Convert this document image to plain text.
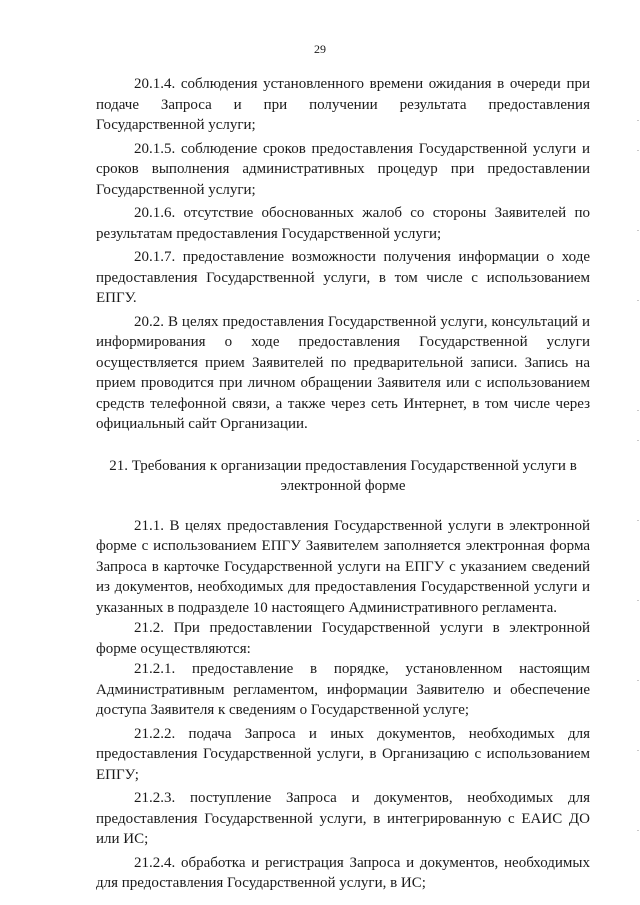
29

20.1.4. соблюдения установленного времени ожидания в очереди при подаче Запроса и при получении результата предоставления Государственной услуги;

20.1.5. соблюдение сроков предоставления Государственной услуги и сроков выполнения административных процедур при предоставлении Государственной услуги;

20.1.6. отсутствие обоснованных жалоб со стороны Заявителей по результатам предоставления Государственной услуги;

20.1.7. предоставление возможности получения информации о ходе предоставления Государственной услуги, в том числе с использованием ЕПГУ.

20.2. В целях предоставления Государственной услуги, консультаций и информирования о ходе предоставления Государственной услуги осуществляется прием Заявителей по предварительной записи. Запись на прием проводится при личном обращении Заявителя или с использованием средств телефонной связи, а также через сеть Интернет, в том числе через официальный сайт Организации.

21. Требования к организации предоставления Государственной услуги в электронной форме

21.1. В целях предоставления Государственной услуги в электронной форме с использованием ЕПГУ Заявителем заполняется электронная форма Запроса в карточке Государственной услуги на ЕПГУ с указанием сведений из документов, необходимых для предоставления Государственной услуги и указанных в подразделе 10 настоящего Административного регламента.

21.2. При предоставлении Государственной услуги в электронной форме осуществляются:

21.2.1. предоставление в порядке, установленном настоящим Административным регламентом, информации Заявителю и обеспечение доступа Заявителя к сведениям о Государственной услуге;

21.2.2. подача Запроса и иных документов, необходимых для предоставления Государственной услуги, в Организацию с использованием ЕПГУ;

21.2.3. поступление Запроса и документов, необходимых для предоставления Государственной услуги, в интегрированную с ЕАИС ДО или ИС;

21.2.4. обработка и регистрация Запроса и документов, необходимых для предоставления Государственной услуги, в ИС;
